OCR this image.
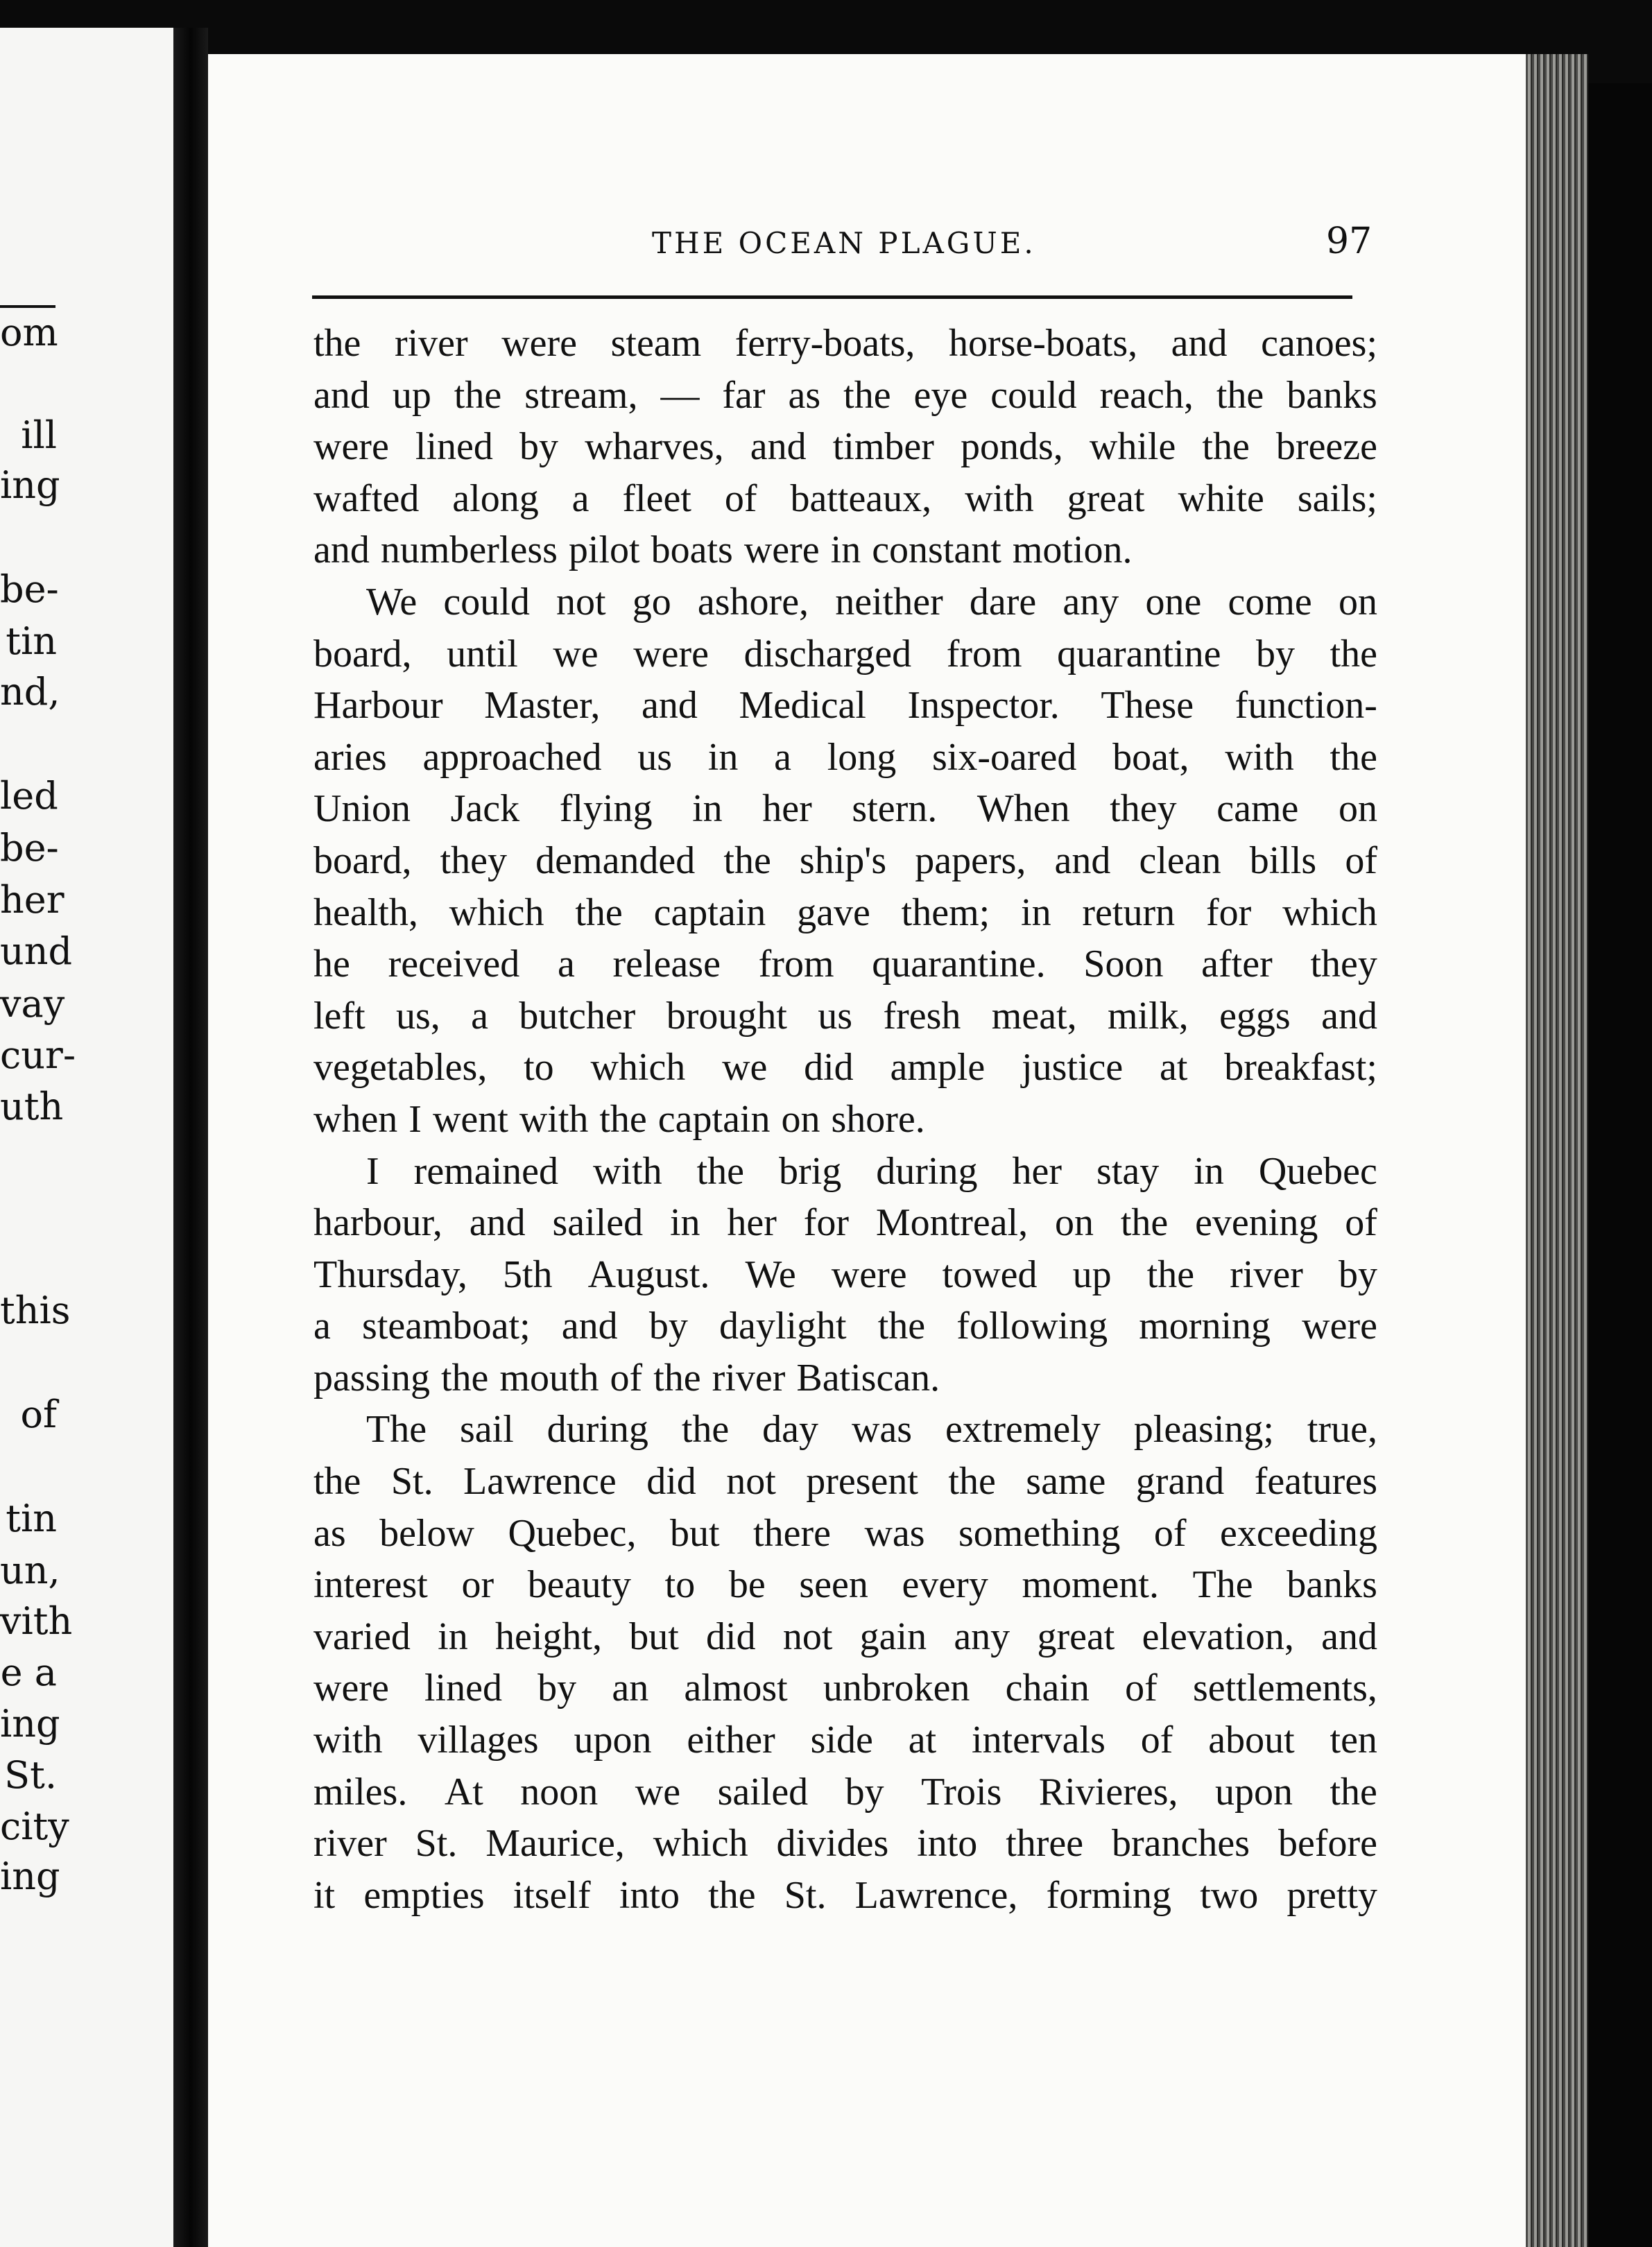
om
ill
ing
be-
tin
nd,
led
be-
her
und
vay
cur-
uth
this
of
tin
un,
vith
e a
ing
St.
city
ing
THE OCEAN PLAGUE.	97
the river were steam ferry-boats, horse-boats, and canoes;
and up the stream, — far as the eye could reach, the banks
were lined by wharves, and timber ponds, while the breeze
wafted along a fleet of batteaux, with great white sails;
and numberless pilot boats were in constant motion.
We could not go ashore, neither dare any one come on
board, until we were discharged from quarantine by the
Harbour Master, and Medical Inspector. These function-
aries approached us in a long six-oared boat, with the
Union Jack flying in her stern. When they came on
board, they demanded the ship's papers, and clean bills of
health, which the captain gave them; in return for which
he received a release from quarantine. Soon after they
left us, a butcher brought us fresh meat, milk, eggs and
vegetables, to which we did ample justice at breakfast;
when I went with the captain on shore.
I remained with the brig during her stay in Quebec
harbour, and sailed in her for Montreal, on the evening of
Thursday, 5th August. We were towed up the river by
a steamboat; and by daylight the following morning were
passing the mouth of the river Batiscan.
The sail during the day was extremely pleasing; true,
the St. Lawrence did not present the same grand features
as below Quebec, but there was something of exceeding
interest or beauty to be seen every moment. The banks
varied in height, but did not gain any great elevation, and
were lined by an almost unbroken chain of settlements,
with villages upon either side at intervals of about ten
miles. At noon we sailed by Trois Rivieres, upon the
river St. Maurice, which divides into three branches before
it empties itself into the St. Lawrence, forming two pretty
